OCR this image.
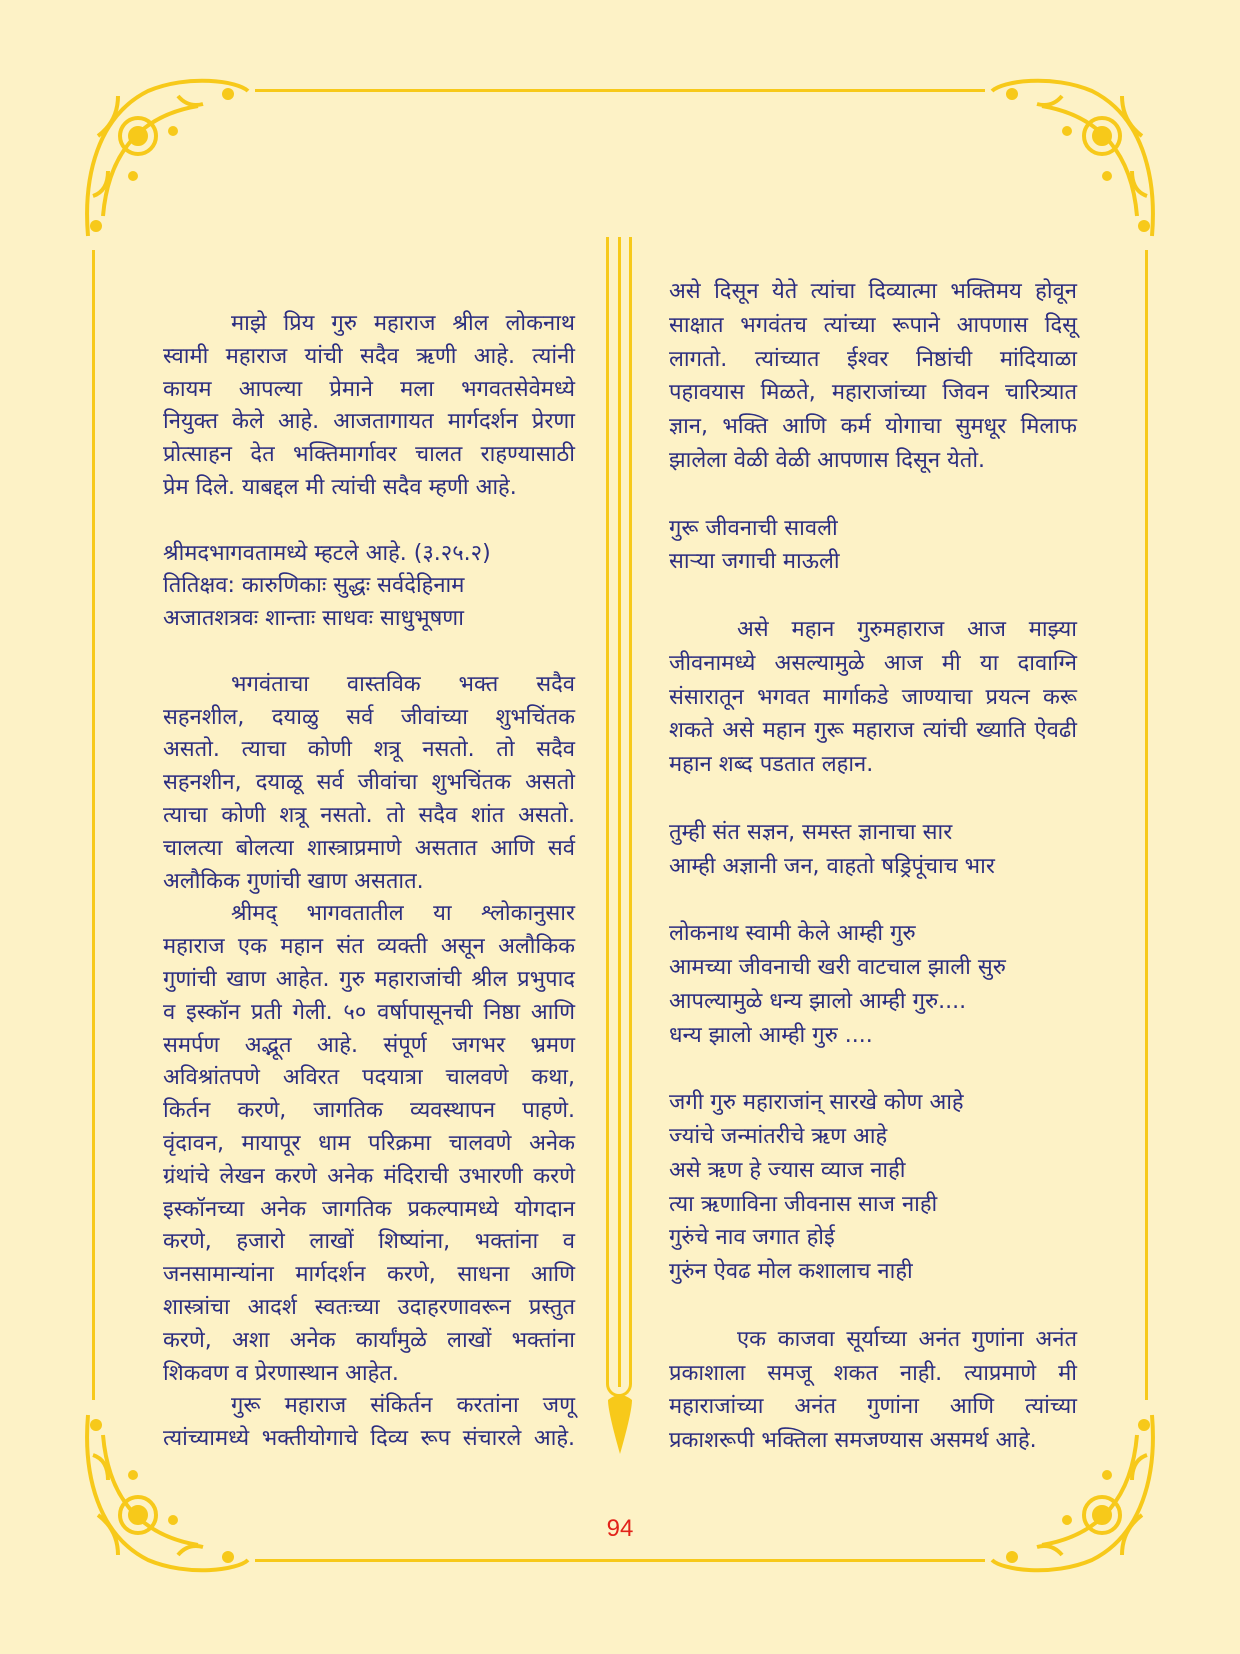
माझे प्रिय गुरु महाराज श्रील लोकनाथ
स्वामी महाराज यांची सदैव ऋणी आहे. त्यांनी
कायम आपल्या प्रेमाने मला भगवतसेवेमध्ये
नियुक्त केले आहे. आजतागायत मार्गदर्शन प्रेरणा
प्रोत्साहन देत भक्तिमार्गावर चालत राहण्यासाठी
प्रेम दिले. याबद्दल मी त्यांची सदैव म्हणी आहे.
श्रीमदभागवतामध्ये म्हटले आहे. (३.२५.२)
तितिक्षव: कारुणिकाः सुद्धः सर्वदेहिनाम
अजातशत्रवः शान्ताः साधवः साधुभूषणा
भगवंताचा वास्तविक भक्त सदैव
सहनशील, दयाळु सर्व जीवांच्या शुभचिंतक
असतो. त्याचा कोणी शत्रू नसतो. तो सदैव
सहनशीन, दयाळू सर्व जीवांचा शुभचिंतक असतो
त्याचा कोणी शत्रू नसतो. तो सदैव शांत असतो.
चालत्या बोलत्या शास्त्राप्रमाणे असतात आणि सर्व
अलौकिक गुणांची खाण असतात.
श्रीमद् भागवतातील या श्लोकानुसार
महाराज एक महान संत व्यक्ती असून अलौकिक
गुणांची खाण आहेत. गुरु महाराजांची श्रील प्रभुपाद
व इस्कॉन प्रती गेली. ५० वर्षापासूनची निष्ठा आणि
समर्पण अद्भूत आहे. संपूर्ण जगभर भ्रमण
अविश्रांतपणे अविरत पदयात्रा चालवणे कथा,
किर्तन करणे, जागतिक व्यवस्थापन पाहणे.
वृंदावन, मायापूर धाम परिक्रमा चालवणे अनेक
ग्रंथांचे लेखन करणे अनेक मंदिराची उभारणी करणे
इस्कॉनच्या अनेक जागतिक प्रकल्पामध्ये योगदान
करणे, हजारो लाखों शिष्यांना, भक्तांना व
जनसामान्यांना मार्गदर्शन करणे, साधना आणि
शास्त्रांचा आदर्श स्वतःच्या उदाहरणावरून प्रस्तुत
करणे, अशा अनेक कार्यांमुळे लाखों भक्तांना
शिकवण व प्रेरणास्थान आहेत.
गुरू महाराज संकिर्तन करतांना जणू
त्यांच्यामध्ये भक्तीयोगाचे दिव्य रूप संचारले आहे.
असे दिसून येते त्यांचा दिव्यात्मा भक्तिमय होवून
साक्षात भगवंतच त्यांच्या रूपाने आपणास दिसू
लागतो. त्यांच्यात ईश्वर निष्ठांची मांदियाळा
पहावयास मिळते, महाराजांच्या जिवन चारित्र्यात
ज्ञान, भक्ति आणि कर्म योगाचा सुमधूर मिलाफ
झालेला वेळी वेळी आपणास दिसून येतो.
गुरू जीवनाची सावली
साऱ्या जगाची माऊली
असे महान गुरुमहाराज आज माझ्या
जीवनामध्ये असल्यामुळे आज मी या दावाग्नि
संसारातून भगवत मार्गाकडे जाण्याचा प्रयत्न करू
शकते असे महान गुरू महाराज त्यांची ख्याति ऐवढी
महान शब्द पडतात लहान.
तुम्ही संत सज्ञन, समस्त ज्ञानाचा सार
आम्ही अज्ञानी जन, वाहतो षड्रिपूंचाच भार
लोकनाथ स्वामी केले आम्ही गुरु
आमच्या जीवनाची खरी वाटचाल झाली सुरु
आपल्यामुळे धन्य झालो आम्ही गुरु....
धन्य झालो आम्ही गुरु ....
जगी गुरु महाराजांन् सारखे कोण आहे
ज्यांचे जन्मांतरीचे ऋण आहे
असे ऋण हे ज्यास व्याज नाही
त्या ऋणाविना जीवनास साज नाही
गुरुंचे नाव जगात होई
गुरुंन ऐवढ मोल कशालाच नाही
एक काजवा सूर्याच्या अनंत गुणांना अनंत
प्रकाशाला समजू शकत नाही. त्याप्रमाणे मी
महाराजांच्या अनंत गुणांना आणि त्यांच्या
प्रकाशरूपी भक्तिला समजण्यास असमर्थ आहे.
94
